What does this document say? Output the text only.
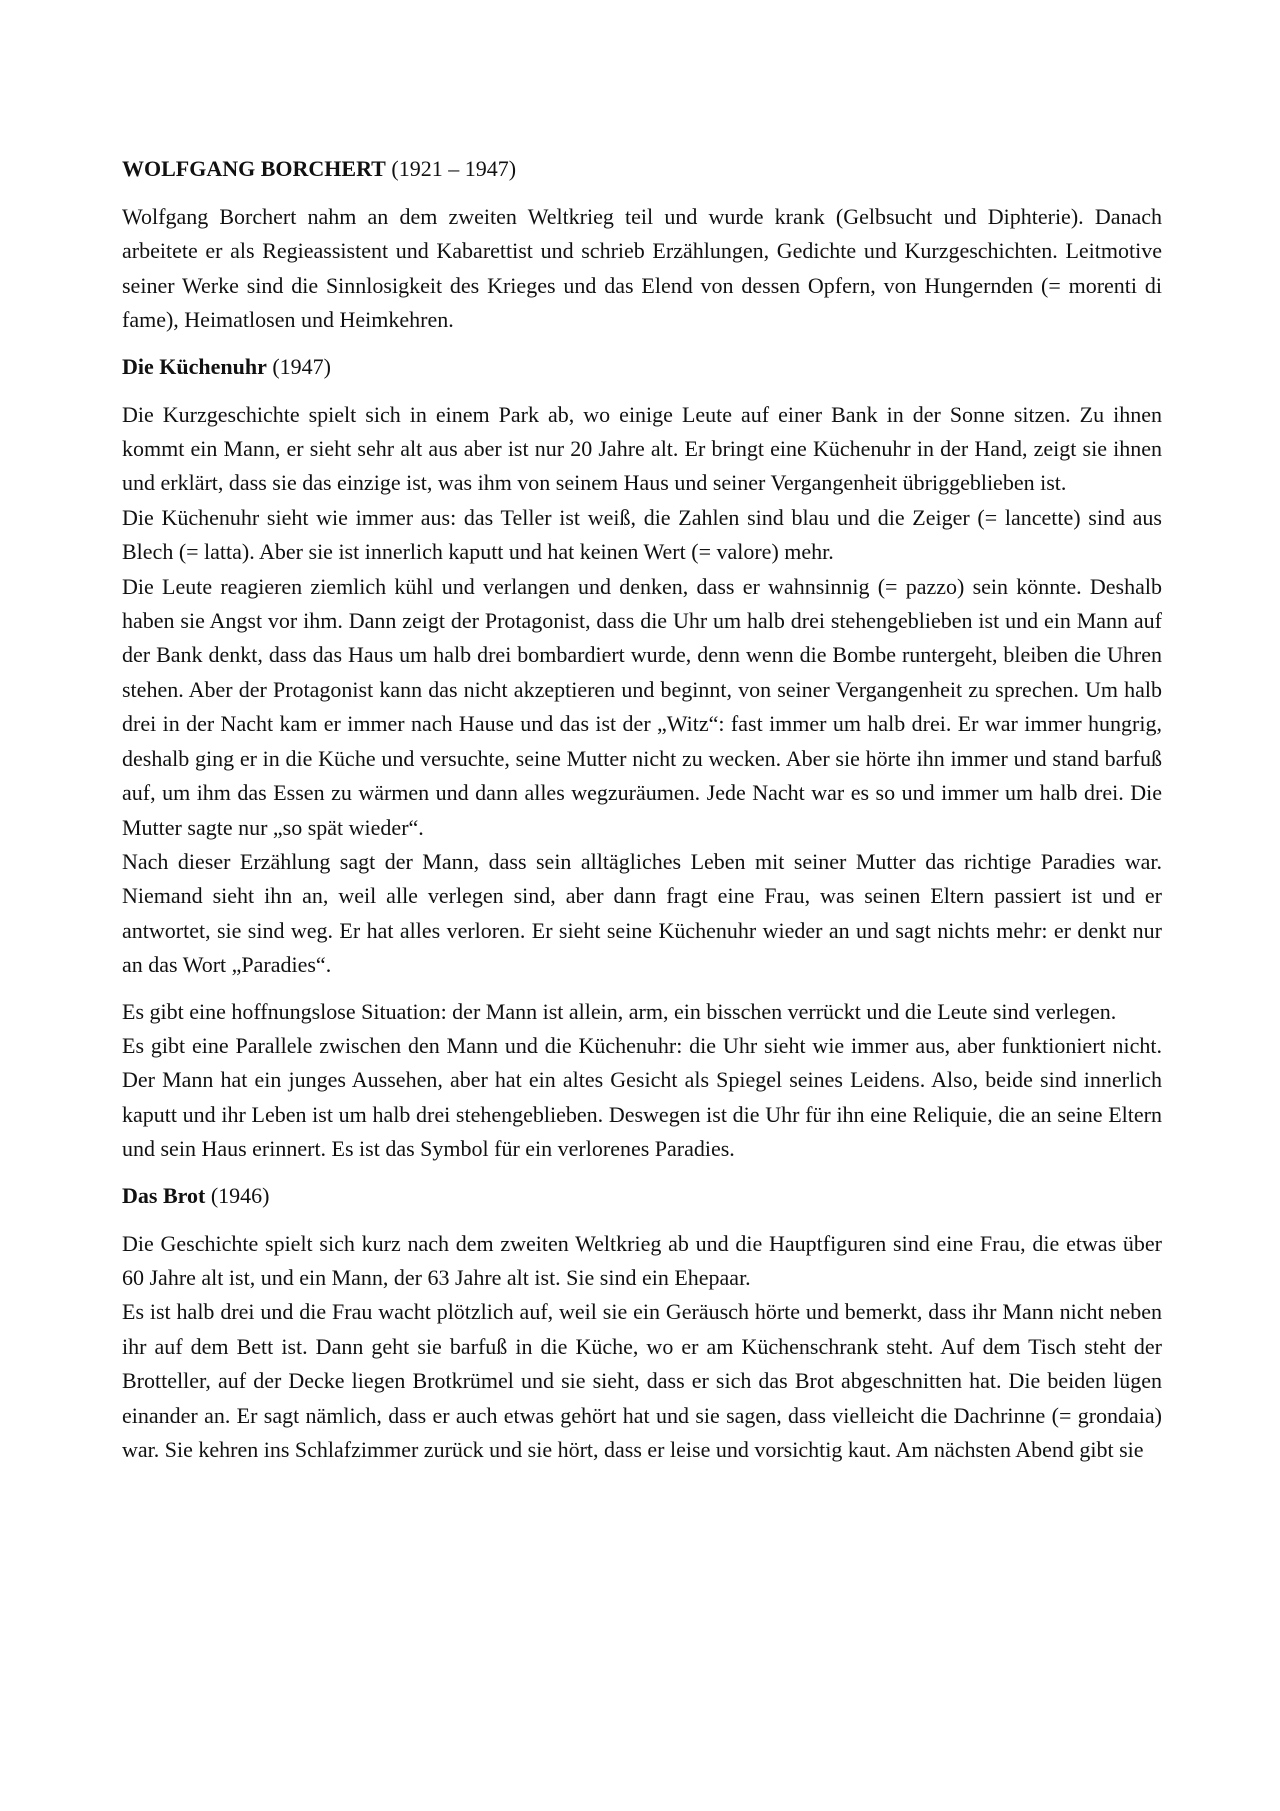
WOLFGANG BORCHERT (1921 – 1947)

Wolfgang Borchert nahm an dem zweiten Weltkrieg teil und wurde krank (Gelbsucht und Diphterie). Danach arbeitete er als Regieassistent und Kabarettist und schrieb Erzählungen, Gedichte und Kurzgeschichten. Leitmotive seiner Werke sind die Sinnlosigkeit des Krieges und das Elend von dessen Opfern, von Hungernden (= morenti di fame), Heimatlosen und Heimkehren.

Die Küchenuhr (1947)

Die Kurzgeschichte spielt sich in einem Park ab, wo einige Leute auf einer Bank in der Sonne sitzen. Zu ihnen kommt ein Mann, er sieht sehr alt aus aber ist nur 20 Jahre alt. Er bringt eine Küchenuhr in der Hand, zeigt sie ihnen und erklärt, dass sie das einzige ist, was ihm von seinem Haus und seiner Vergangenheit übriggeblieben ist.

Die Küchenuhr sieht wie immer aus: das Teller ist weiß, die Zahlen sind blau und die Zeiger (= lancette) sind aus Blech (= latta). Aber sie ist innerlich kaputt und hat keinen Wert (= valore) mehr.

Die Leute reagieren ziemlich kühl und verlangen und denken, dass er wahnsinnig (= pazzo) sein könnte. Deshalb haben sie Angst vor ihm. Dann zeigt der Protagonist, dass die Uhr um halb drei stehengeblieben ist und ein Mann auf der Bank denkt, dass das Haus um halb drei bombardiert wurde, denn wenn die Bombe runtergeht, bleiben die Uhren stehen. Aber der Protagonist kann das nicht akzeptieren und beginnt, von seiner Vergangenheit zu sprechen. Um halb drei in der Nacht kam er immer nach Hause und das ist der „Witz“: fast immer um halb drei. Er war immer hungrig, deshalb ging er in die Küche und versuchte, seine Mutter nicht zu wecken. Aber sie hörte ihn immer und stand barfuß auf, um ihm das Essen zu wärmen und dann alles wegzuräumen. Jede Nacht war es so und immer um halb drei. Die Mutter sagte nur „so spät wieder“.

Nach dieser Erzählung sagt der Mann, dass sein alltägliches Leben mit seiner Mutter das richtige Paradies war. Niemand sieht ihn an, weil alle verlegen sind, aber dann fragt eine Frau, was seinen Eltern passiert ist und er antwortet, sie sind weg. Er hat alles verloren. Er sieht seine Küchenuhr wieder an und sagt nichts mehr: er denkt nur an das Wort „Paradies“.

Es gibt eine hoffnungslose Situation: der Mann ist allein, arm, ein bisschen verrückt und die Leute sind verlegen.

Es gibt eine Parallele zwischen den Mann und die Küchenuhr: die Uhr sieht wie immer aus, aber funktioniert nicht. Der Mann hat ein junges Aussehen, aber hat ein altes Gesicht als Spiegel seines Leidens. Also, beide sind innerlich kaputt und ihr Leben ist um halb drei stehengeblieben. Deswegen ist die Uhr für ihn eine Reliquie, die an seine Eltern und sein Haus erinnert. Es ist das Symbol für ein verlorenes Paradies.

Das Brot (1946)

Die Geschichte spielt sich kurz nach dem zweiten Weltkrieg ab und die Hauptfiguren sind eine Frau, die etwas über 60 Jahre alt ist, und ein Mann, der 63 Jahre alt ist. Sie sind ein Ehepaar.

Es ist halb drei und die Frau wacht plötzlich auf, weil sie ein Geräusch hörte und bemerkt, dass ihr Mann nicht neben ihr auf dem Bett ist. Dann geht sie barfuß in die Küche, wo er am Küchenschrank steht. Auf dem Tisch steht der Brotteller, auf der Decke liegen Brotkrümel und sie sieht, dass er sich das Brot abgeschnitten hat. Die beiden lügen einander an. Er sagt nämlich, dass er auch etwas gehört hat und sie sagen, dass vielleicht die Dachrinne (= grondaia) war. Sie kehren ins Schlafzimmer zurück und sie hört, dass er leise und vorsichtig kaut. Am nächsten Abend gibt sie
